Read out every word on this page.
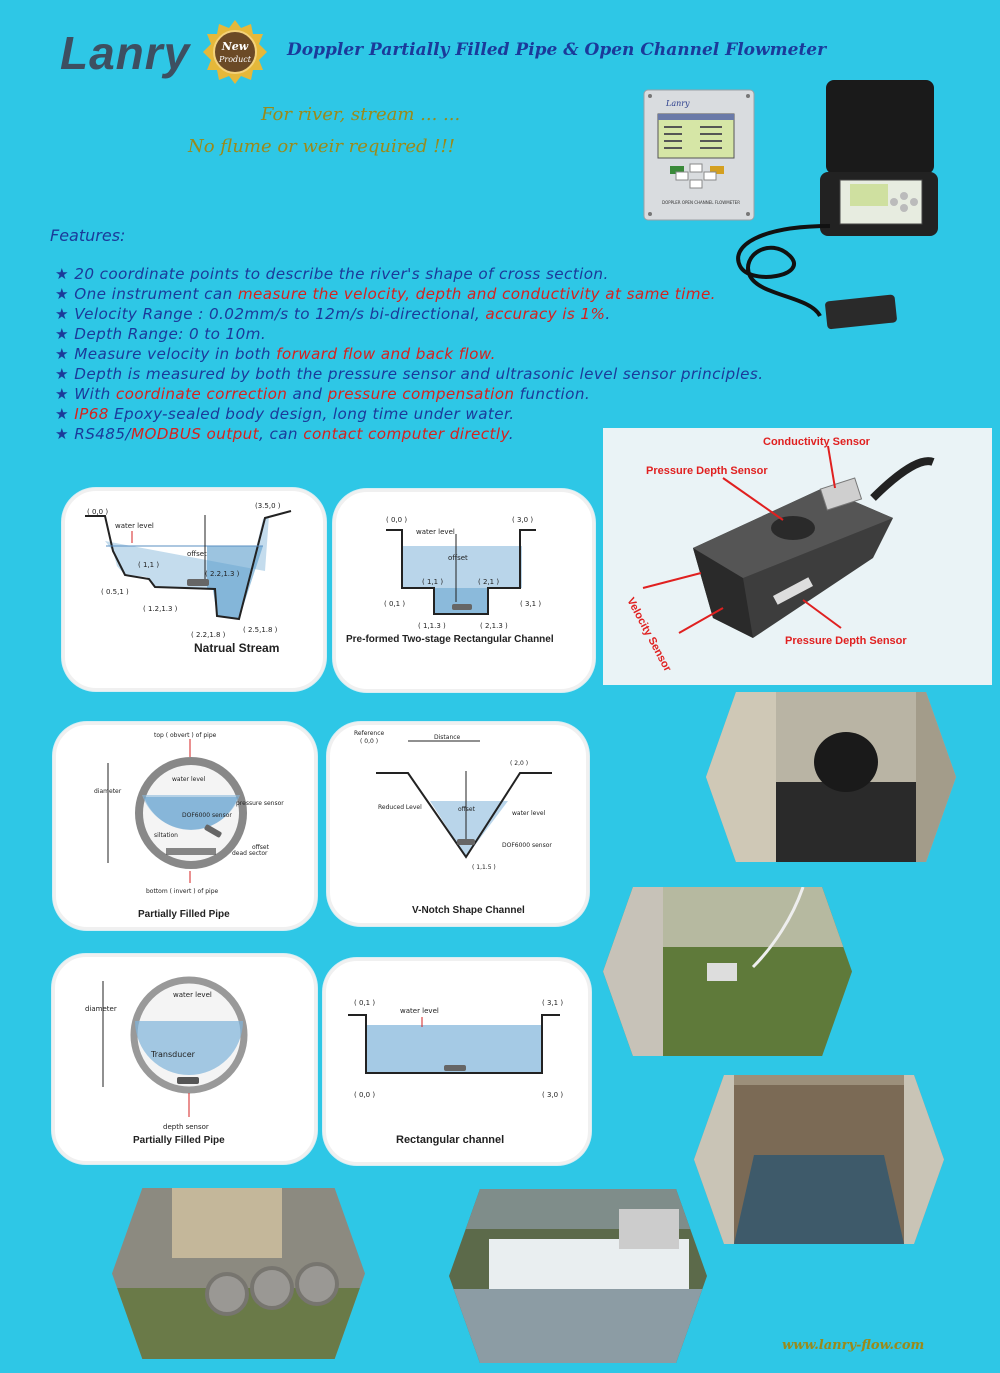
Lanry	New
Product Doppler Partially Filled Pipe & Open Channel Flowmeter
For river, stream ... ...
No flume or weir required !!!
Lanry
DOPPLER OPEN CHANNEL FLOWMETER
Features:
★ 20 coordinate points to describe the river's shape of cross section.
★ One instrument can measure the velocity, depth and conductivity at same time.
★ Velocity Range : 0.02mm/s to 12m/s bi-directional, accuracy is 1%.
★ Depth Range: 0 to 10m.
★ Measure velocity in both forward flow and back flow.
★ Depth is measured by both the pressure sensor and ultrasonic level sensor principles.
★ With coordinate correction and pressure compensation function.
★ IP68 Epoxy-sealed body design, long time under water.
★ RS485/MODBUS output, can contact computer directly.	Conductivity Sensor
Pressure Depth Sensor
Pressure Depth Sensor
Velocity Sensor
water level
offset
( 0,0 )
(3.5,0 )
( 1,1 )
( 0.5,1 )
( 1.2,1.3 )
( 2.2,1.3 )
( 2.2,1.8 )
( 2.5,1.8 )
Natrual Stream
water level
offset
( 0,0 )	( 3,0 )
( 0,1 )	( 3,1 )
( 1,1 )	( 2,1 )
( 1,1.3 )	( 2,1.3 )
Pre-formed Two-stage Rectangular Channel
top ( obvert ) of pipe
diameter
water level
pressure sensor
DOF6000 sensor
siltation
offset
dead sector
bottom ( invert ) of pipe
Partially Filled Pipe
Reference
( 0,0 )
Distance
( 2,0 )
Reduced Level	offset
water level
DOF6000 sensor
( 1,1.5 )
V-Notch Shape Channel
diameter
water level
Transducer
depth sensor
Partially Filled Pipe
water level
( 0,1 )	( 3,1 )
( 0,0 )	( 3,0 )
Rectangular channel
www.lanry-flow.com
